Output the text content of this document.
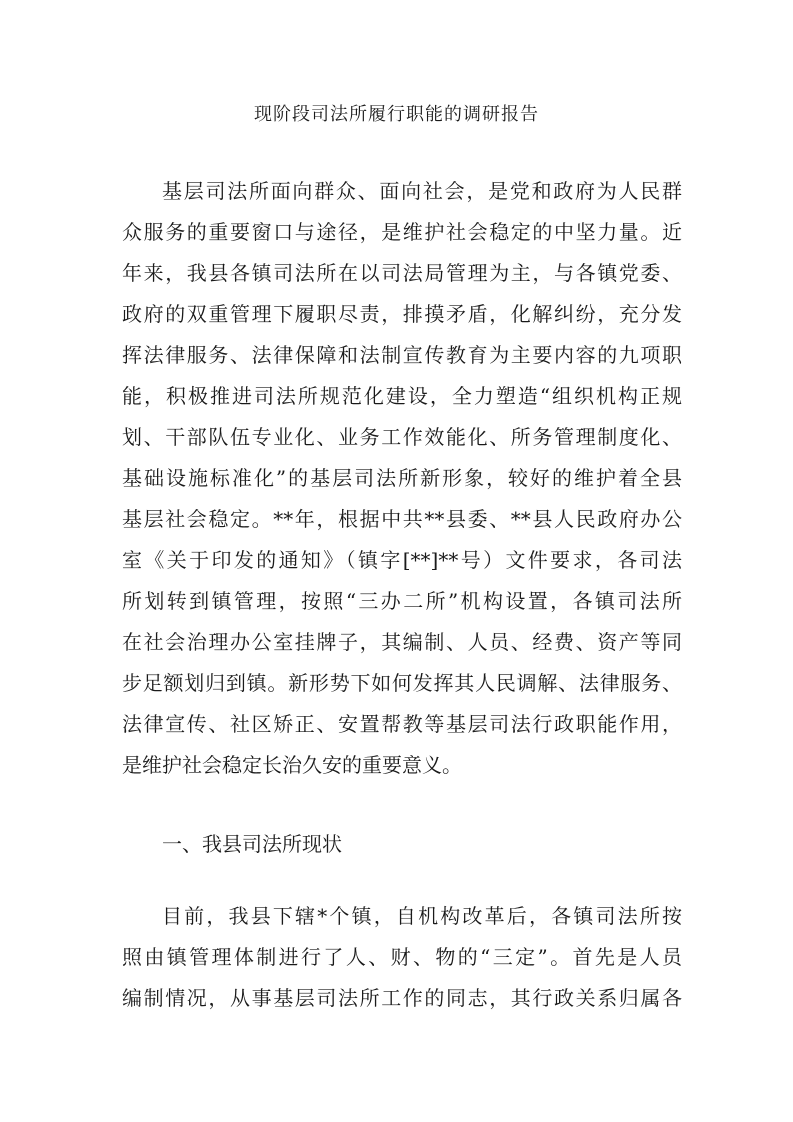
现阶段司法所履行职能的调研报告
基层司法所面向群众、面向社会，是党和政府为人民群
众服务的重要窗口与途径，是维护社会稳定的中坚力量。近
年来，我县各镇司法所在以司法局管理为主，与各镇党委、
政府的双重管理下履职尽责，排摸矛盾，化解纠纷，充分发
挥法律服务、法律保障和法制宣传教育为主要内容的九项职
能，积极推进司法所规范化建设，全力塑造“组织机构正规
划、干部队伍专业化、业务工作效能化、所务管理制度化、
基础设施标准化”的基层司法所新形象，较好的维护着全县
基层社会稳定。**年，根据中共**县委、**县人民政府办公
室《关于印发的通知》（镇字[**]**号）文件要求，各司法
所划转到镇管理，按照“三办二所”机构设置，各镇司法所
在社会治理办公室挂牌子，其编制、人员、经费、资产等同
步足额划归到镇。新形势下如何发挥其人民调解、法律服务、
法律宣传、社区矫正、安置帮教等基层司法行政职能作用，
是维护社会稳定长治久安的重要意义。
一、我县司法所现状
目前，我县下辖*个镇，自机构改革后，各镇司法所按
照由镇管理体制进行了人、财、物的“三定”。首先是人员
编制情况，从事基层司法所工作的同志，其行政关系归属各
